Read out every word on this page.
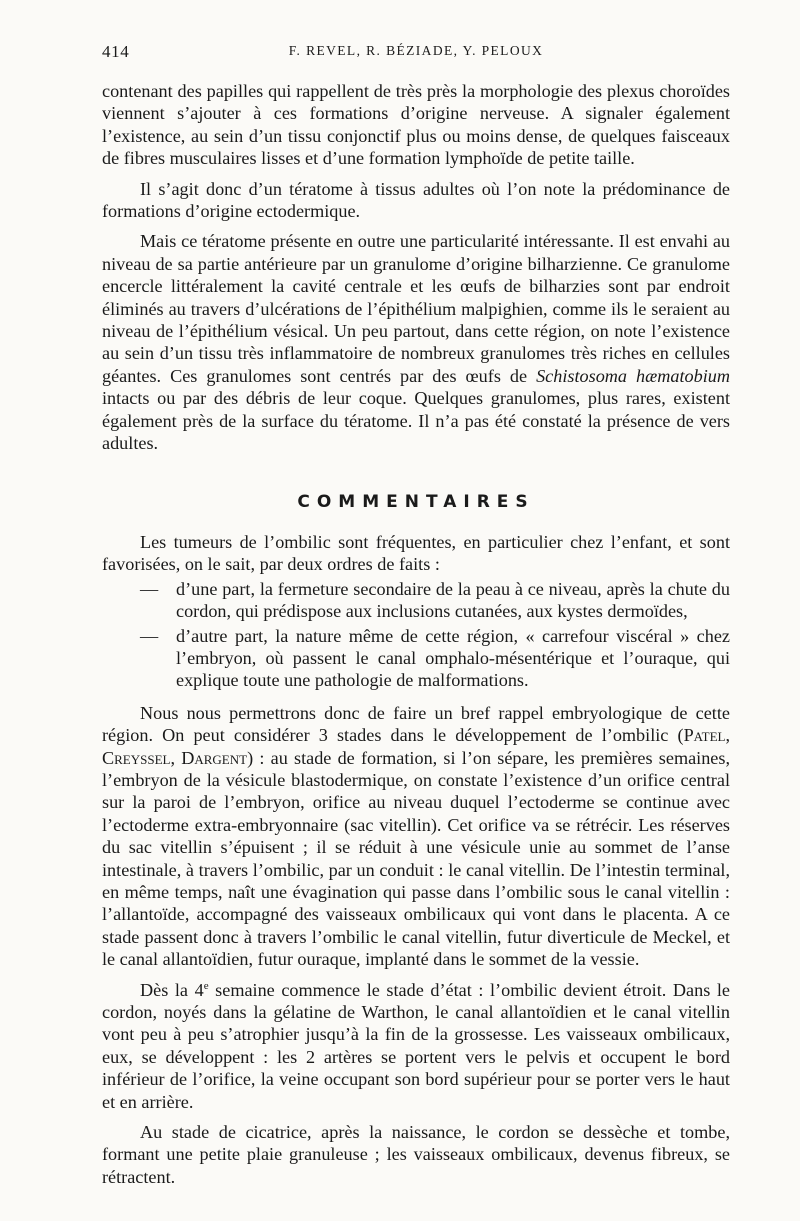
414	F. REVEL, R. BÉZIADE, Y. PELOUX

contenant des papilles qui rappellent de très près la morphologie des plexus choroïdes viennent s’ajouter à ces formations d’origine nerveuse. A signaler également l’existence, au sein d’un tissu conjonctif plus ou moins dense, de quelques faisceaux de fibres musculaires lisses et d’une formation lymphoïde de petite taille.

Il s’agit donc d’un tératome à tissus adultes où l’on note la prédominance de formations d’origine ectodermique.

Mais ce tératome présente en outre une particularité intéressante. Il est envahi au niveau de sa partie antérieure par un granulome d’origine bilharzienne. Ce granulome encercle littéralement la cavité centrale et les œufs de bilharzies sont par endroit éliminés au travers d’ulcérations de l’épithélium malpighien, comme ils le seraient au niveau de l’épithélium vésical. Un peu partout, dans cette région, on note l’existence au sein d’un tissu très inflammatoire de nombreux granulomes très riches en cellules géantes. Ces granulomes sont centrés par des œufs de Schistosoma hæmatobium intacts ou par des débris de leur coque. Quelques granulomes, plus rares, existent également près de la surface du tératome. Il n’a pas été constaté la présence de vers adultes.

COMMENTAIRES

Les tumeurs de l’ombilic sont fréquentes, en particulier chez l’enfant, et sont favorisées, on le sait, par deux ordres de faits :

— d’une part, la fermeture secondaire de la peau à ce niveau, après la chute du cordon, qui prédispose aux inclusions cutanées, aux kystes dermoïdes,

— d’autre part, la nature même de cette région, « carrefour viscéral » chez l’embryon, où passent le canal omphalo-mésentérique et l’ouraque, qui explique toute une pathologie de malformations.

Nous nous permettrons donc de faire un bref rappel embryologique de cette région. On peut considérer 3 stades dans le développement de l’ombilic (Patel, Creyssel, Dargent) : au stade de formation, si l’on sépare, les premières semaines, l’embryon de la vésicule blastodermique, on constate l’existence d’un orifice central sur la paroi de l’embryon, orifice au niveau duquel l’ectoderme se continue avec l’ectoderme extra-embryonnaire (sac vitellin). Cet orifice va se rétrécir. Les réserves du sac vitellin s’épuisent ; il se réduit à une vésicule unie au sommet de l’anse intestinale, à travers l’ombilic, par un conduit : le canal vitellin. De l’intestin terminal, en même temps, naît une évagination qui passe dans l’ombilic sous le canal vitellin : l’allantoïde, accompagné des vaisseaux ombilicaux qui vont dans le placenta. A ce stade passent donc à travers l’ombilic le canal vitellin, futur diverticule de Meckel, et le canal allantoïdien, futur ouraque, implanté dans le sommet de la vessie.

Dès la 4e semaine commence le stade d’état : l’ombilic devient étroit. Dans le cordon, noyés dans la gélatine de Warthon, le canal allantoïdien et le canal vitellin vont peu à peu s’atrophier jusqu’à la fin de la grossesse. Les vaisseaux ombilicaux, eux, se développent : les 2 artères se portent vers le pelvis et occupent le bord inférieur de l’orifice, la veine occupant son bord supérieur pour se porter vers le haut et en arrière.

Au stade de cicatrice, après la naissance, le cordon se dessèche et tombe, formant une petite plaie granuleuse ; les vaisseaux ombilicaux, devenus fibreux, se rétractent.
